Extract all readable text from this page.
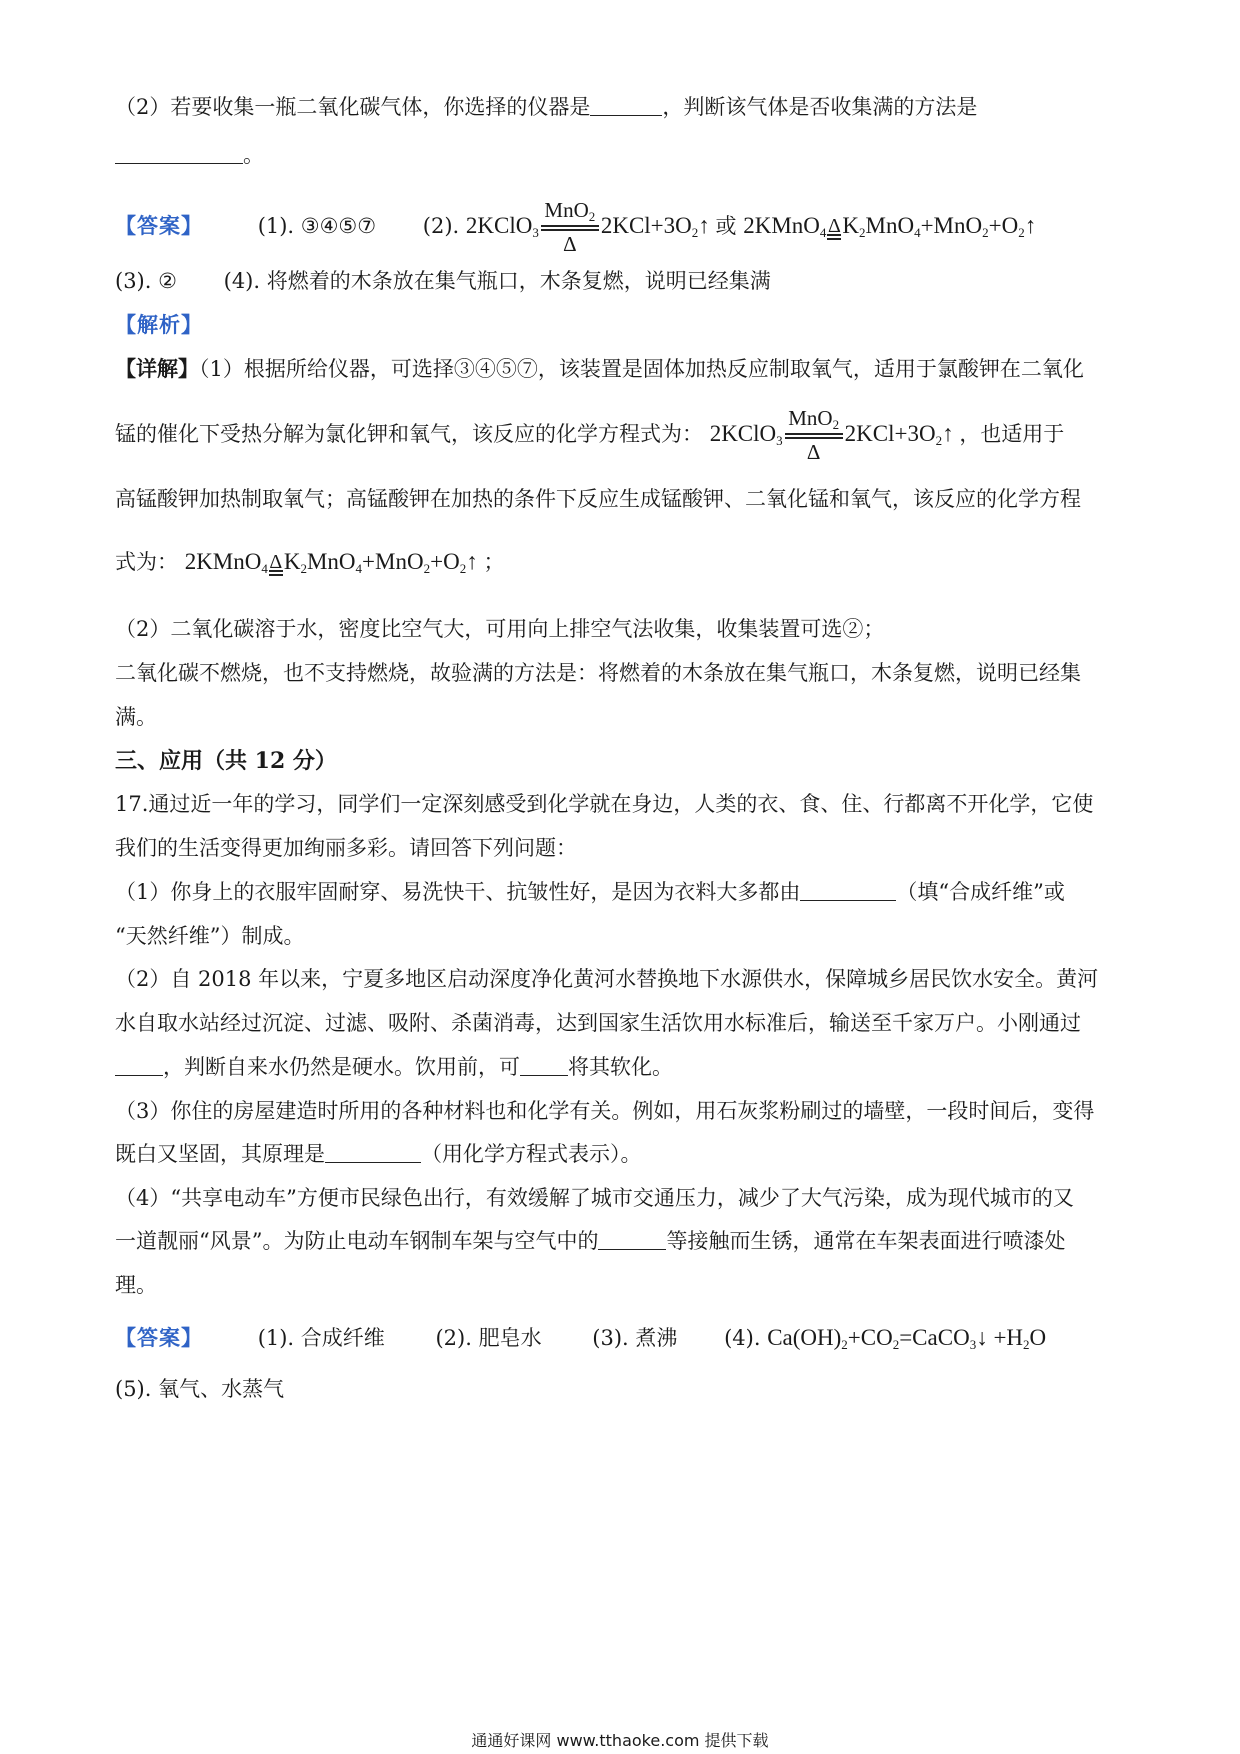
（2）若要收集一瓶二氧化碳气体，你选择的仪器是	，判断该气体是否收集满的方法是
。
【答案】	(1). ③④⑤⑦ (2). 2KClO$_3$
MnO$_2$
Δ
$2KCl+3O_2↑$ 或 2KMnO$_4$ Δ $K_2MnO_4+MnO_2+O_2↑$
(3). ② (4). 将燃着的木条放在集气瓶口，木条复燃，说明已经集满
【解析】
【详解】（1）根据所给仪器，可选择③④⑤⑦，该装置是固体加热反应制取氧气，适用于氯酸钾在二氧化
锰的催化下受热分解为氯化钾和氧气，该反应的化学方程式为： 2KClO$_3$
MnO$_2$
Δ
$2KCl+3O_2↑$ ，也适用于
高锰酸钾加热制取氧气；高锰酸钾在加热的条件下反应生成锰酸钾、二氧化锰和氧气，该反应的化学方程
式为： 2KMnO$_4$ Δ $K_2MnO_4+MnO_2+O_2↑$ ；
（2）二氧化碳溶于水，密度比空气大，可用向上排空气法收集，收集装置可选②；
二氧化碳不燃烧，也不支持燃烧，故验满的方法是：将燃着的木条放在集气瓶口，木条复燃，说明已经集
满。
三、应用（共 12 分）
17.通过近一年的学习，同学们一定深刻感受到化学就在身边，人类的衣、食、住、行都离不开化学，它使
我们的生活变得更加绚丽多彩。请回答下列问题：
（1）你身上的衣服牢固耐穿、易洗快干、抗皱性好，是因为衣料大多都由	（填“合成纤维”或
“天然纤维”）制成。
（2）自 2018 年以来，宁夏多地区启动深度净化黄河水替换地下水源供水，保障城乡居民饮水安全。黄河
水自取水站经过沉淀、过滤、吸附、杀菌消毒，达到国家生活饮用水标准后，输送至千家万户。小刚通过
，判断自来水仍然是硬水。饮用前，可 将其软化。
（3）你住的房屋建造时所用的各种材料也和化学有关。例如，用石灰浆粉刷过的墙壁，一段时间后，变得
既白又坚固，其原理是	（用化学方程式表示）。
（4）“共享电动车”方便市民绿色出行，有效缓解了城市交通压力，减少了大气污染，成为现代城市的又
一道靓丽“风景”。为防止电动车钢制车架与空气中的	等接触而生锈，通常在车架表面进行喷漆处
理。
【答案】	(1). 合成纤维 (2). 肥皂水 (3). 煮沸 (4). $Ca(OH)_2+CO_2=CaCO_3↓ +H_2O$
(5). 氧气、水蒸气
通通好课网 www.tthaoke.com 提供下载
